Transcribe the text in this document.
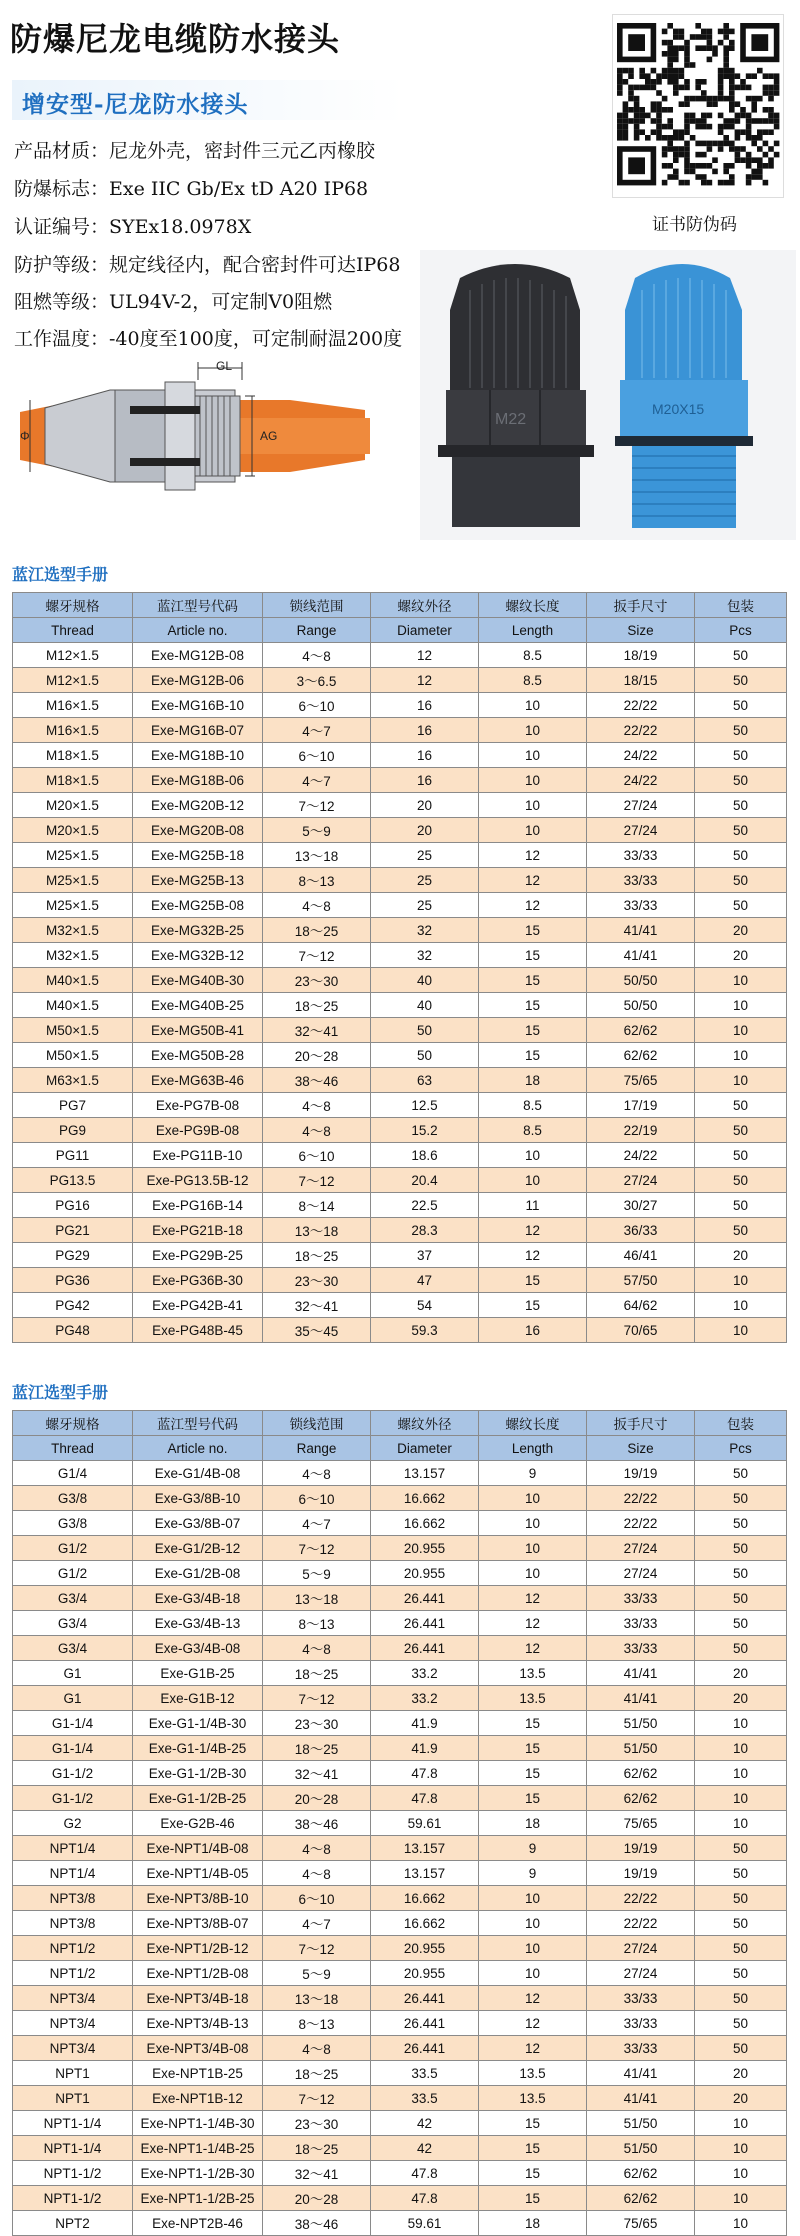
防爆尼龙电缆防水接头
增安型-尼龙防水接头
产品材质：尼龙外壳，密封件三元乙丙橡胶
防爆标志：Exe IIC Gb/Ex tD A20 IP68
认证编号：SYEx18.0978X
防护等级：规定线径内，配合密封件可达IP68
阻燃等级：UL94V-2，可定制V0阻燃
工作温度：-40度至100度，可定制耐温200度
证书防伪码
GL
AG
Φ
M22
M20X15
蓝江选型手册
螺牙规格	蓝江型号代码	锁线范围	螺纹外径	螺纹长度	扳手尺寸	包装
Thread	Article no.	Range	Diameter	Length	Size	Pcs
M12×1.5	Exe-MG12B-08	4～8	12	8.5	18/19	50
M12×1.5	Exe-MG12B-06	3～6.5	12	8.5	18/15	50
M16×1.5	Exe-MG16B-10	6～10	16	10	22/22	50
M16×1.5	Exe-MG16B-07	4～7	16	10	22/22	50
M18×1.5	Exe-MG18B-10	6～10	16	10	24/22	50
M18×1.5	Exe-MG18B-06	4～7	16	10	24/22	50
M20×1.5	Exe-MG20B-12	7～12	20	10	27/24	50
M20×1.5	Exe-MG20B-08	5～9	20	10	27/24	50
M25×1.5	Exe-MG25B-18	13～18	25	12	33/33	50
M25×1.5	Exe-MG25B-13	8～13	25	12	33/33	50
M25×1.5	Exe-MG25B-08	4～8	25	12	33/33	50
M32×1.5	Exe-MG32B-25	18～25	32	15	41/41	20
M32×1.5	Exe-MG32B-12	7～12	32	15	41/41	20
M40×1.5	Exe-MG40B-30	23～30	40	15	50/50	10
M40×1.5	Exe-MG40B-25	18～25	40	15	50/50	10
M50×1.5	Exe-MG50B-41	32～41	50	15	62/62	10
M50×1.5	Exe-MG50B-28	20～28	50	15	62/62	10
M63×1.5	Exe-MG63B-46	38～46	63	18	75/65	10
PG7	Exe-PG7B-08	4～8	12.5	8.5	17/19	50
PG9	Exe-PG9B-08	4～8	15.2	8.5	22/19	50
PG11	Exe-PG11B-10	6～10	18.6	10	24/22	50
PG13.5	Exe-PG13.5B-12	7～12	20.4	10	27/24	50
PG16	Exe-PG16B-14	8～14	22.5	11	30/27	50
PG21	Exe-PG21B-18	13～18	28.3	12	36/33	50
PG29	Exe-PG29B-25	18～25	37	12	46/41	20
PG36	Exe-PG36B-30	23～30	47	15	57/50	10
PG42	Exe-PG42B-41	32～41	54	15	64/62	10
PG48	Exe-PG48B-45	35～45	59.3	16	70/65	10
蓝江选型手册
螺牙规格	蓝江型号代码	锁线范围	螺纹外径	螺纹长度	扳手尺寸	包装
Thread	Article no.	Range	Diameter	Length	Size	Pcs
G1/4	Exe-G1/4B-08	4～8	13.157	9	19/19	50
G3/8	Exe-G3/8B-10	6～10	16.662	10	22/22	50
G3/8	Exe-G3/8B-07	4～7	16.662	10	22/22	50
G1/2	Exe-G1/2B-12	7～12	20.955	10	27/24	50
G1/2	Exe-G1/2B-08	5～9	20.955	10	27/24	50
G3/4	Exe-G3/4B-18	13～18	26.441	12	33/33	50
G3/4	Exe-G3/4B-13	8～13	26.441	12	33/33	50
G3/4	Exe-G3/4B-08	4～8	26.441	12	33/33	50
G1	Exe-G1B-25	18～25	33.2	13.5	41/41	20
G1	Exe-G1B-12	7～12	33.2	13.5	41/41	20
G1-1/4	Exe-G1-1/4B-30	23～30	41.9	15	51/50	10
G1-1/4	Exe-G1-1/4B-25	18～25	41.9	15	51/50	10
G1-1/2	Exe-G1-1/2B-30	32～41	47.8	15	62/62	10
G1-1/2	Exe-G1-1/2B-25	20～28	47.8	15	62/62	10
G2	Exe-G2B-46	38～46	59.61	18	75/65	10
NPT1/4	Exe-NPT1/4B-08	4～8	13.157	9	19/19	50
NPT1/4	Exe-NPT1/4B-05	4～8	13.157	9	19/19	50
NPT3/8	Exe-NPT3/8B-10	6～10	16.662	10	22/22	50
NPT3/8	Exe-NPT3/8B-07	4～7	16.662	10	22/22	50
NPT1/2	Exe-NPT1/2B-12	7～12	20.955	10	27/24	50
NPT1/2	Exe-NPT1/2B-08	5～9	20.955	10	27/24	50
NPT3/4	Exe-NPT3/4B-18	13～18	26.441	12	33/33	50
NPT3/4	Exe-NPT3/4B-13	8～13	26.441	12	33/33	50
NPT3/4	Exe-NPT3/4B-08	4～8	26.441	12	33/33	50
NPT1	Exe-NPT1B-25	18～25	33.5	13.5	41/41	20
NPT1	Exe-NPT1B-12	7～12	33.5	13.5	41/41	20
NPT1-1/4	Exe-NPT1-1/4B-30	23～30	42	15	51/50	10
NPT1-1/4	Exe-NPT1-1/4B-25	18～25	42	15	51/50	10
NPT1-1/2	Exe-NPT1-1/2B-30	32～41	47.8	15	62/62	10
NPT1-1/2	Exe-NPT1-1/2B-25	20～28	47.8	15	62/62	10
NPT2	Exe-NPT2B-46	38～46	59.61	18	75/65	10
